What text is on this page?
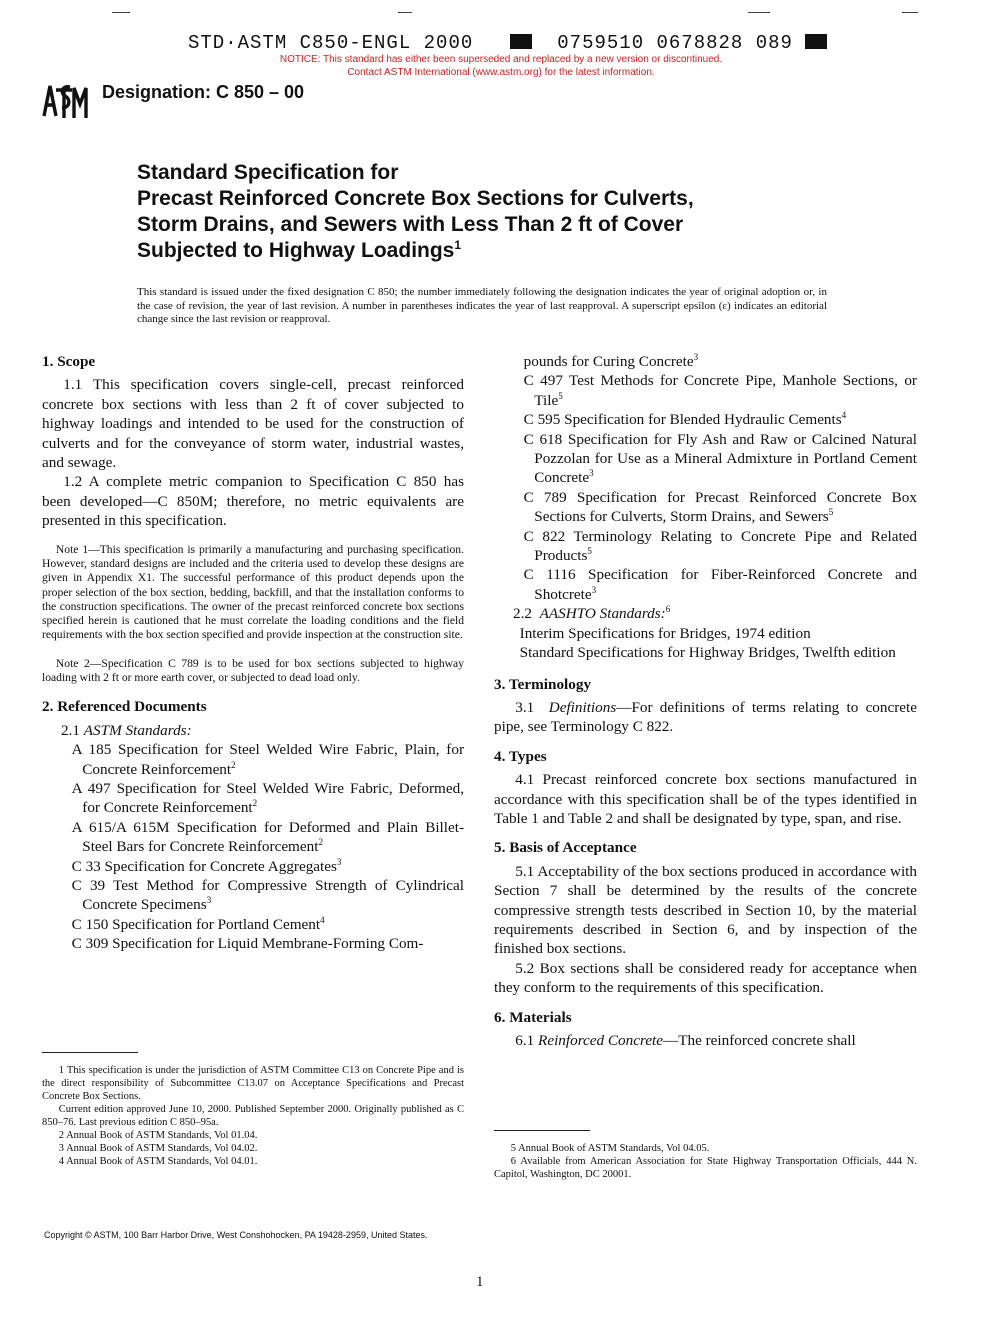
STD·ASTM C850-ENGL 2000	0759510 0678828 089
NOTICE: This standard has either been superseded and replaced by a new version or discontinued.
Contact ASTM International (www.astm.org) for the latest information.
Designation: C 850 – 00
Standard Specification for
Precast Reinforced Concrete Box Sections for Culverts,
Storm Drains, and Sewers with Less Than 2 ft of Cover
Subjected to Highway Loadings$^1$
This standard is issued under the fixed designation C 850; the number immediately following the designation indicates the year of original adoption or, in the case of revision, the year of last revision. A number in parentheses indicates the year of last reapproval. A superscript epsilon (ε) indicates an editorial change since the last revision or reapproval.
1. Scope

1.1 This specification covers single-cell, precast reinforced concrete box sections with less than 2 ft of cover subjected to highway loadings and intended to be used for the construction of culverts and for the conveyance of storm water, industrial wastes, and sewage.

1.2 A complete metric companion to Specification C 850 has been developed—C 850M; therefore, no metric equivalents are presented in this specification.

Note 1—This specification is primarily a manufacturing and purchasing specification. However, standard designs are included and the criteria used to develop these designs are given in Appendix X1. The successful performance of this product depends upon the proper selection of the box section, bedding, backfill, and that the installation conforms to the construction specifications. The owner of the precast reinforced concrete box sections specified herein is cautioned that he must correlate the loading conditions and the field requirements with the box section specified and provide inspection at the construction site.

Note 2—Specification C 789 is to be used for box sections subjected to highway loading with 2 ft or more earth cover, or subjected to dead load only.

2. Referenced Documents
2.1 ASTM Standards:
A 185 Specification for Steel Welded Wire Fabric, Plain, for Concrete Reinforcement$^2$
A 497 Specification for Steel Welded Wire Fabric, Deformed, for Concrete Reinforcement$^2$
A 615/A 615M Specification for Deformed and Plain Billet-Steel Bars for Concrete Reinforcement$^2$
C 33 Specification for Concrete Aggregates$^3$
C 39 Test Method for Compressive Strength of Cylindrical Concrete Specimens$^3$
C 150 Specification for Portland Cement$^4$
C 309 Specification for Liquid Membrane-Forming Com-
pounds for Curing Concrete$^3$
C 497 Test Methods for Concrete Pipe, Manhole Sections, or Tile$^5$
C 595 Specification for Blended Hydraulic Cements$^4$
C 618 Specification for Fly Ash and Raw or Calcined Natural Pozzolan for Use as a Mineral Admixture in Portland Cement Concrete$^3$
C 789 Specification for Precast Reinforced Concrete Box Sections for Culverts, Storm Drains, and Sewers$^5$
C 822 Terminology Relating to Concrete Pipe and Related Products$^5$
C 1116 Specification for Fiber-Reinforced Concrete and Shotcrete$^3$
2.2 AASHTO Standards:$^6$
Interim Specifications for Bridges, 1974 edition
Standard Specifications for Highway Bridges, Twelfth edition
3. Terminology

3.1 Definitions—For definitions of terms relating to concrete pipe, see Terminology C 822.

4. Types

4.1 Precast reinforced concrete box sections manufactured in accordance with this specification shall be of the types identified in Table 1 and Table 2 and shall be designated by type, span, and rise.

5. Basis of Acceptance

5.1 Acceptability of the box sections produced in accordance with Section 7 shall be determined by the results of the concrete compressive strength tests described in Section 10, by the material requirements described in Section 6, and by inspection of the finished box sections.

5.2 Box sections shall be considered ready for acceptance when they conform to the requirements of this specification.

6. Materials

6.1 Reinforced Concrete—The reinforced concrete shall

1 This specification is under the jurisdiction of ASTM Committee C13 on Concrete Pipe and is the direct responsibility of Subcommittee C13.07 on Acceptance Specifications and Precast Concrete Box Sections.
Current edition approved June 10, 2000. Published September 2000. Originally published as C 850–76. Last previous edition C 850–95a.
2 Annual Book of ASTM Standards, Vol 01.04.
3 Annual Book of ASTM Standards, Vol 04.02.
4 Annual Book of ASTM Standards, Vol 04.01.
5 Annual Book of ASTM Standards, Vol 04.05.
6 Available from American Association for State Highway Transportation Officials, 444 N. Capitol, Washington, DC 20001.
Copyright © ASTM, 100 Barr Harbor Drive, West Conshohocken, PA 19428-2959, United States.
1
